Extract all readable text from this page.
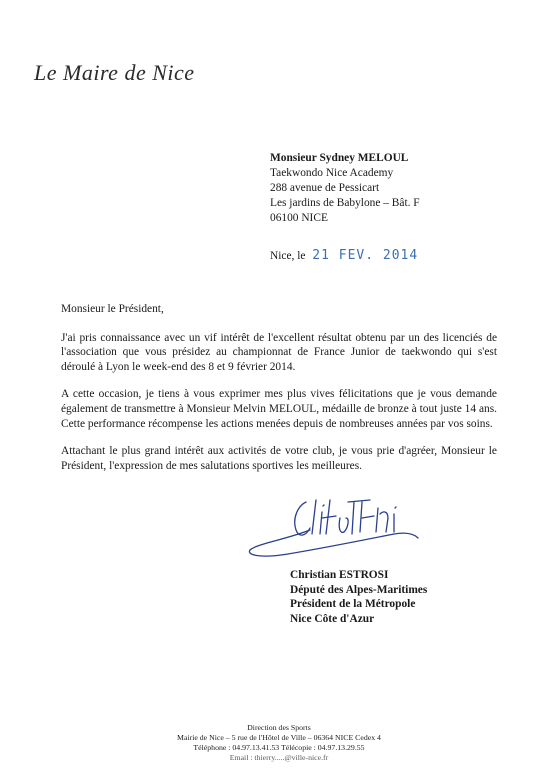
Le Maire de Nice
Monsieur Sydney MELOUL
Taekwondo Nice Academy
288 avenue de Pessicart
Les jardins de Babylone – Bât. F
06100 NICE
Nice, le 21 FEV. 2014

Monsieur le Président,

J'ai pris connaissance avec un vif intérêt de l'excellent résultat obtenu par un des licenciés de l'association que vous présidez au championnat de France Junior de taekwondo qui s'est déroulé à Lyon le week-end des 8 et 9 février 2014.

A cette occasion, je tiens à vous exprimer mes plus vives félicitations que je vous demande également de transmettre à Monsieur Melvin MELOUL, médaille de bronze à tout juste 14 ans. Cette performance récompense les actions menées depuis de nombreuses années par vos soins.

Attachant le plus grand intérêt aux activités de votre club, je vous prie d'agréer, Monsieur le Président, l'expression de mes salutations sportives les meilleures.

Christian ESTROSI
Député des Alpes-Maritimes
Président de la Métropole
Nice Côte d'Azur
Direction des Sports
Mairie de Nice – 5 rue de l'Hôtel de Ville – 06364 NICE Cedex 4
Téléphone : 04.97.13.41.53 Télécopie : 04.97.13.29.55
Email : thierry.....@ville-nice.fr
